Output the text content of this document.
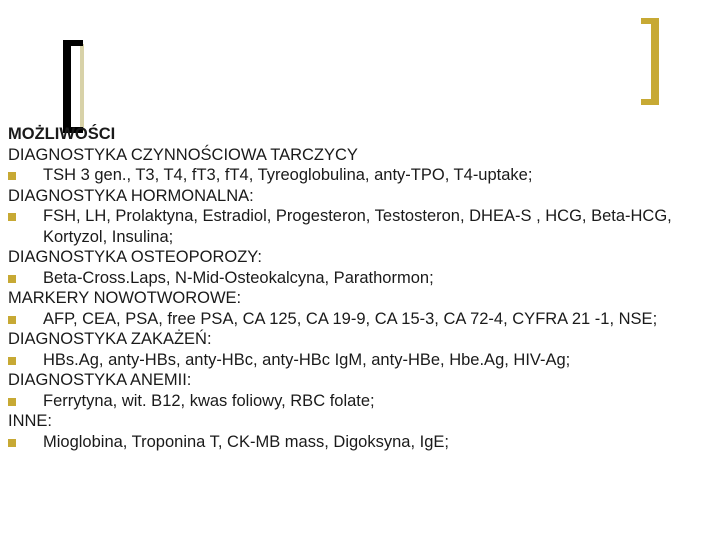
MOŻLIWOŚCI
DIAGNOSTYKA CZYNNOŚCIOWA TARCZYCY
TSH 3 gen., T3, T4, fT3, fT4, Tyreoglobulina, anty-TPO, T4-uptake;
DIAGNOSTYKA HORMONALNA:
FSH, LH, Prolaktyna, Estradiol, Progesteron, Testosteron, DHEA-S , HCG, Beta-HCG, Kortyzol, Insulina;
DIAGNOSTYKA OSTEOPOROZY:
Beta-Cross.Laps, N-Mid-Osteokalcyna, Parathormon;
MARKERY NOWOTWOROWE:
AFP, CEA, PSA, free PSA, CA 125, CA 19-9, CA 15-3, CA 72-4, CYFRA 21 -1, NSE;
DIAGNOSTYKA ZAKAŻEŃ:
HBs.Ag, anty-HBs, anty-HBc, anty-HBc IgM, anty-HBe, Hbe.Ag, HIV-Ag;
DIAGNOSTYKA ANEMII:
Ferrytyna, wit. B12, kwas foliowy, RBC folate;
INNE:
Mioglobina, Troponina T, CK-MB mass, Digoksyna, IgE;
